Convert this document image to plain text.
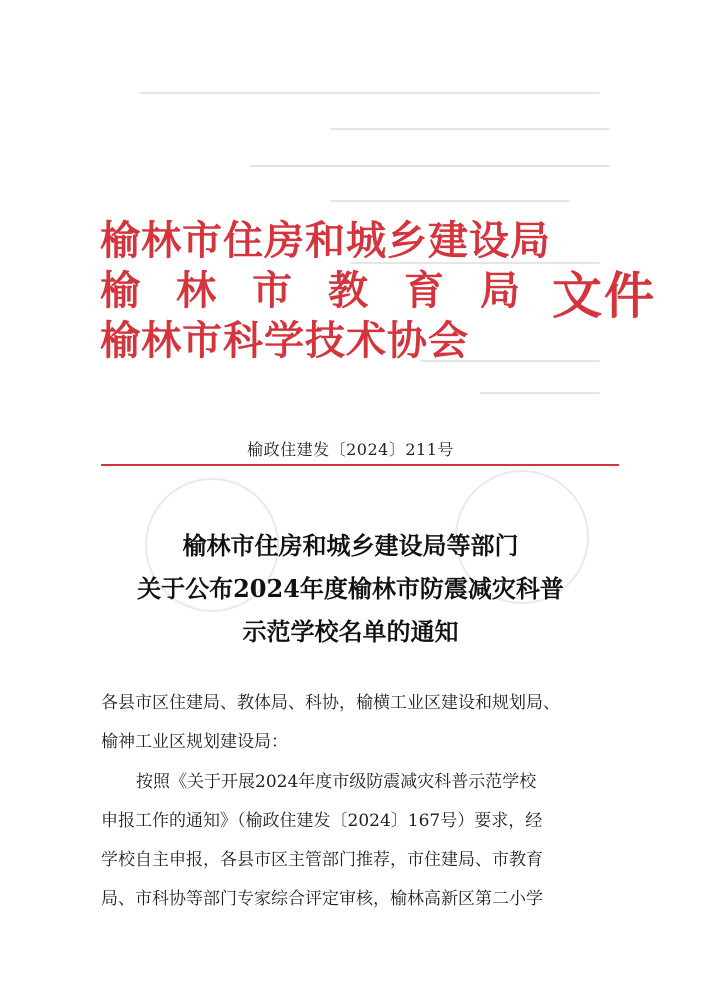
榆林市住房和城乡建设局
榆林市教育局
榆林市科学技术协会
文件
榆政住建发〔2024〕211号
榆林市住房和城乡建设局等部门
关于公布2024年度榆林市防震减灾科普
示范学校名单的通知
各县市区住建局、教体局、科协，榆横工业区建设和规划局、
榆神工业区规划建设局：
按照《关于开展2024年度市级防震减灾科普示范学校
申报工作的通知》（榆政住建发〔2024〕167号）要求，经
学校自主申报，各县市区主管部门推荐，市住建局、市教育
局、市科协等部门专家综合评定审核，榆林高新区第二小学
